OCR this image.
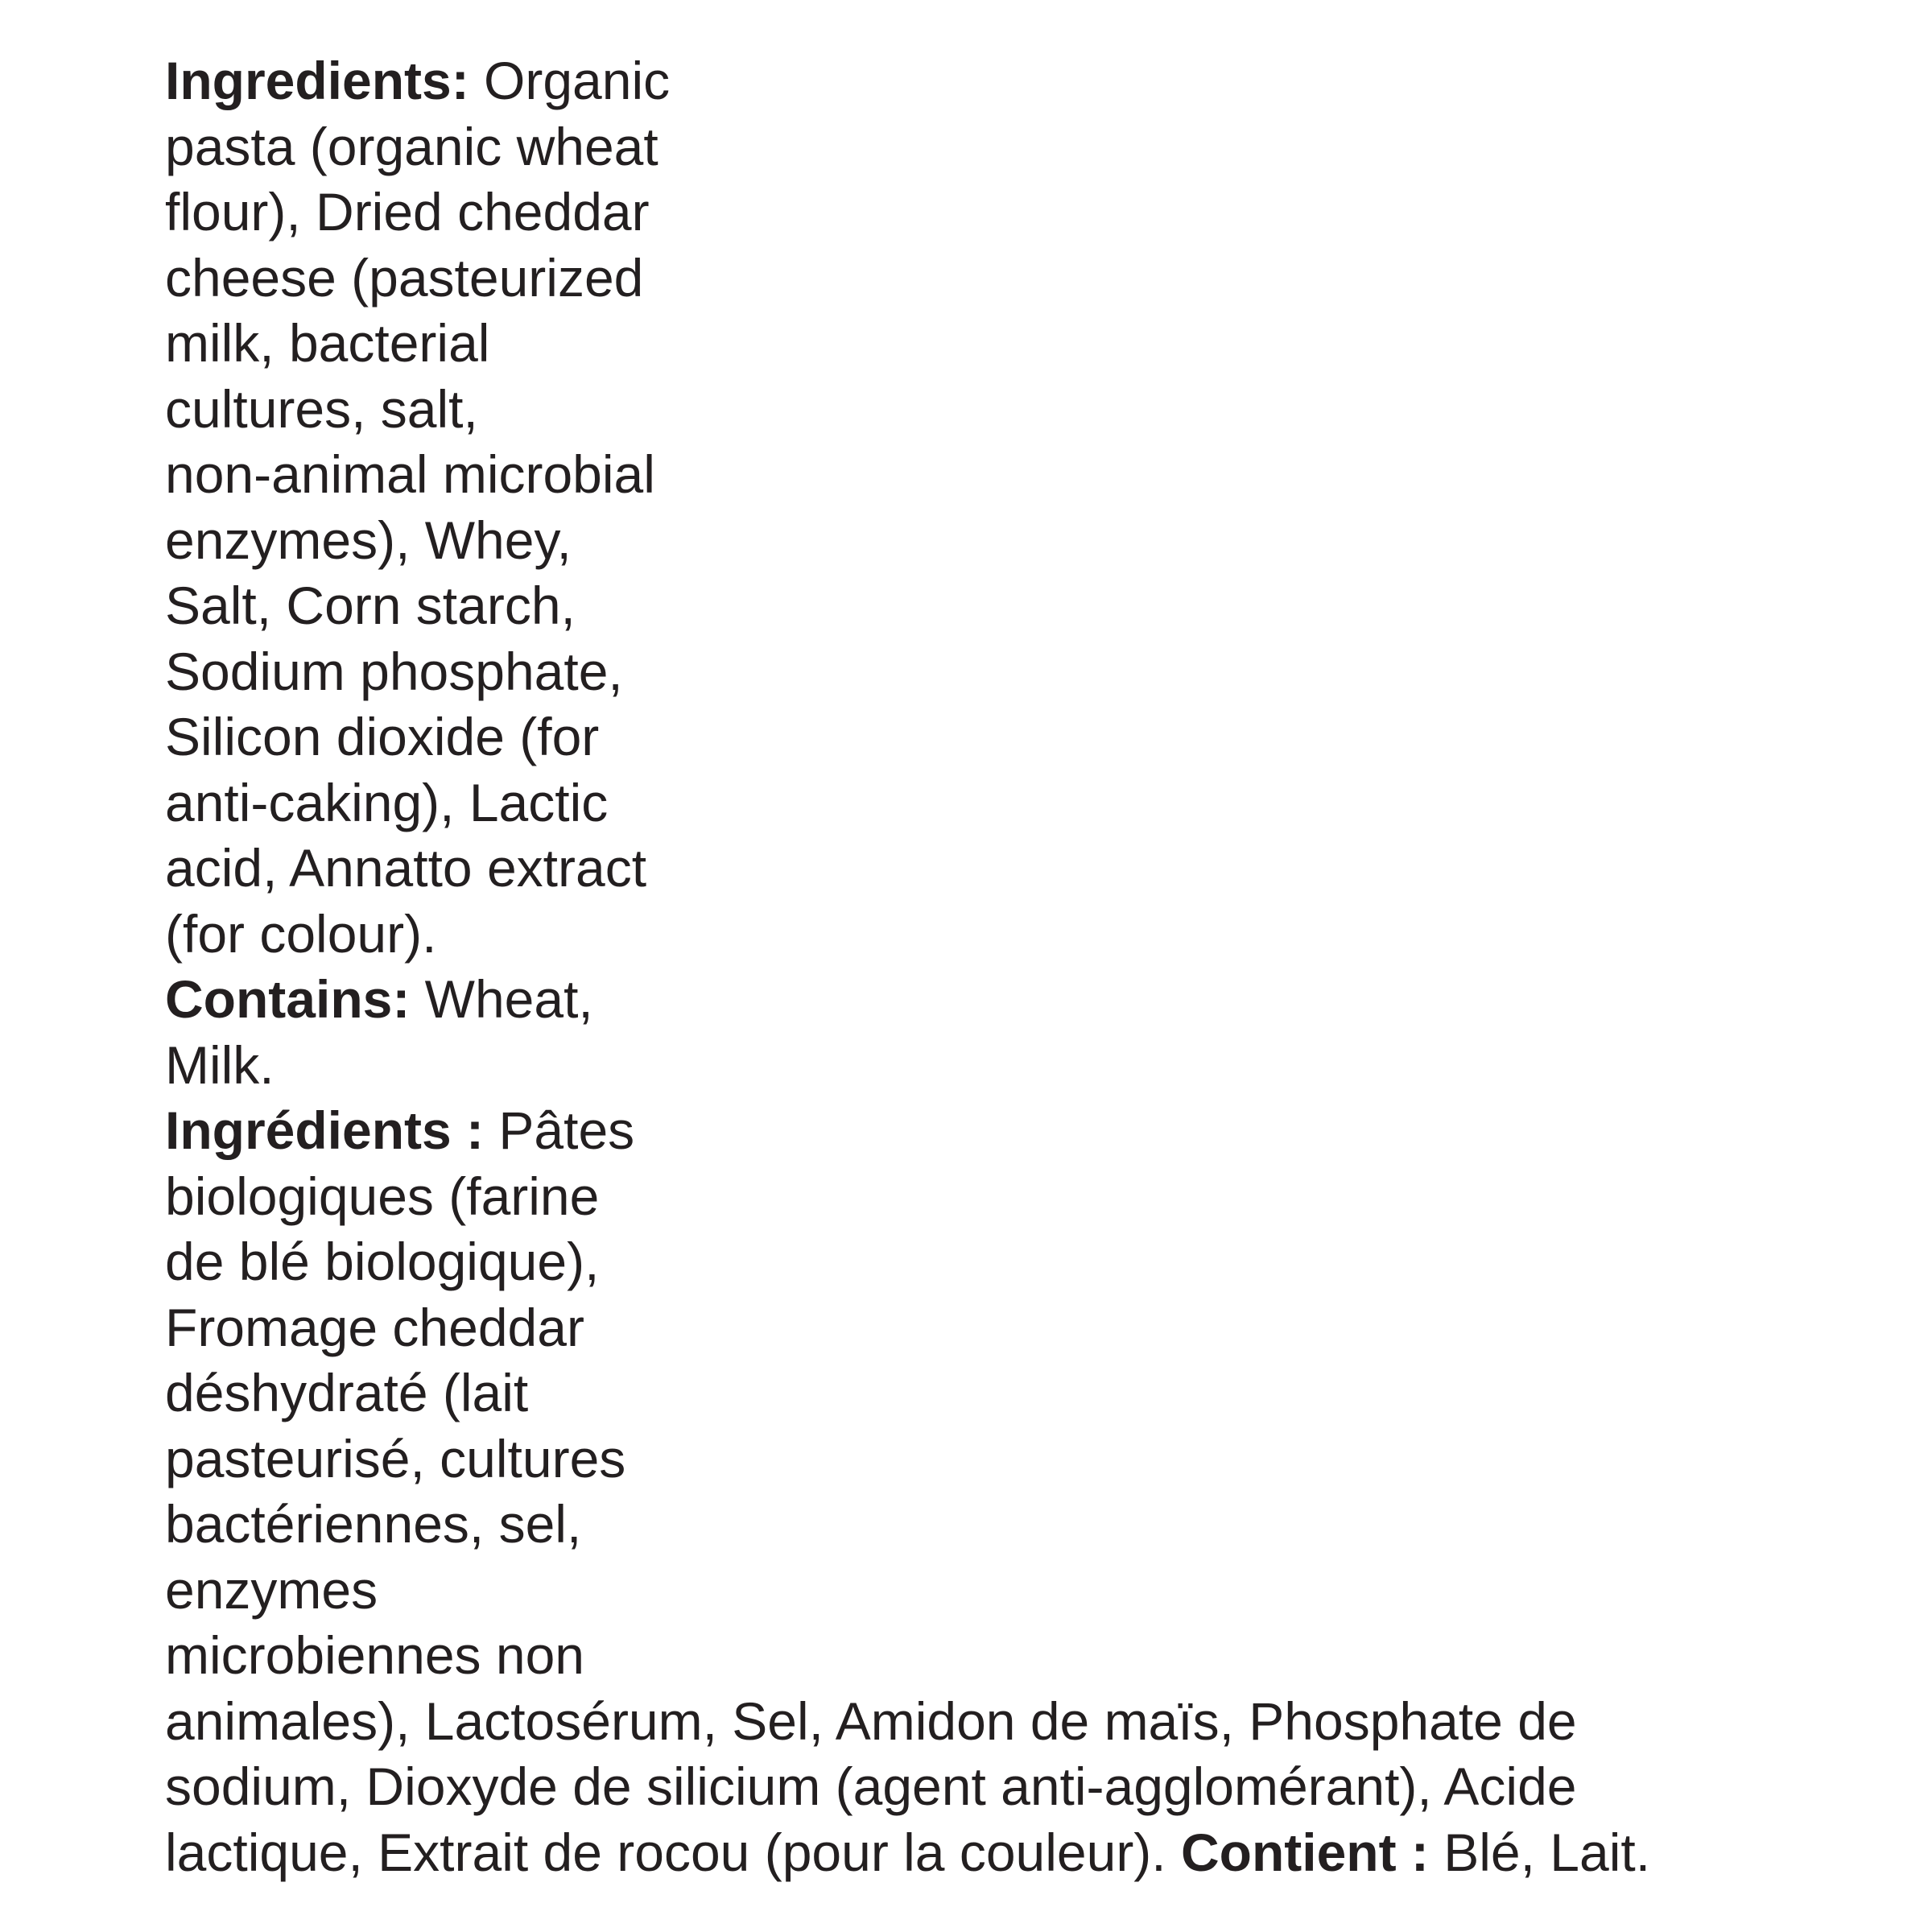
Ingredients: Organic
pasta (organic wheat
flour), Dried cheddar
cheese (pasteurized
milk, bacterial
cultures, salt,
non-animal microbial
enzymes), Whey,
Salt, Corn starch,
Sodium phosphate,
Silicon dioxide (for
anti-caking), Lactic
acid, Annatto extract
(for colour).
Contains: Wheat,
Milk.
Ingrédients : Pâtes
biologiques (farine
de blé biologique),
Fromage cheddar
déshydraté (lait
pasteurisé, cultures
bactériennes, sel,
enzymes
microbiennes non
animales), Lactosérum, Sel, Amidon de maïs, Phosphate de
sodium, Dioxyde de silicium (agent anti-agglomérant), Acide
lactique, Extrait de rocou (pour la couleur). Contient : Blé, Lait.
